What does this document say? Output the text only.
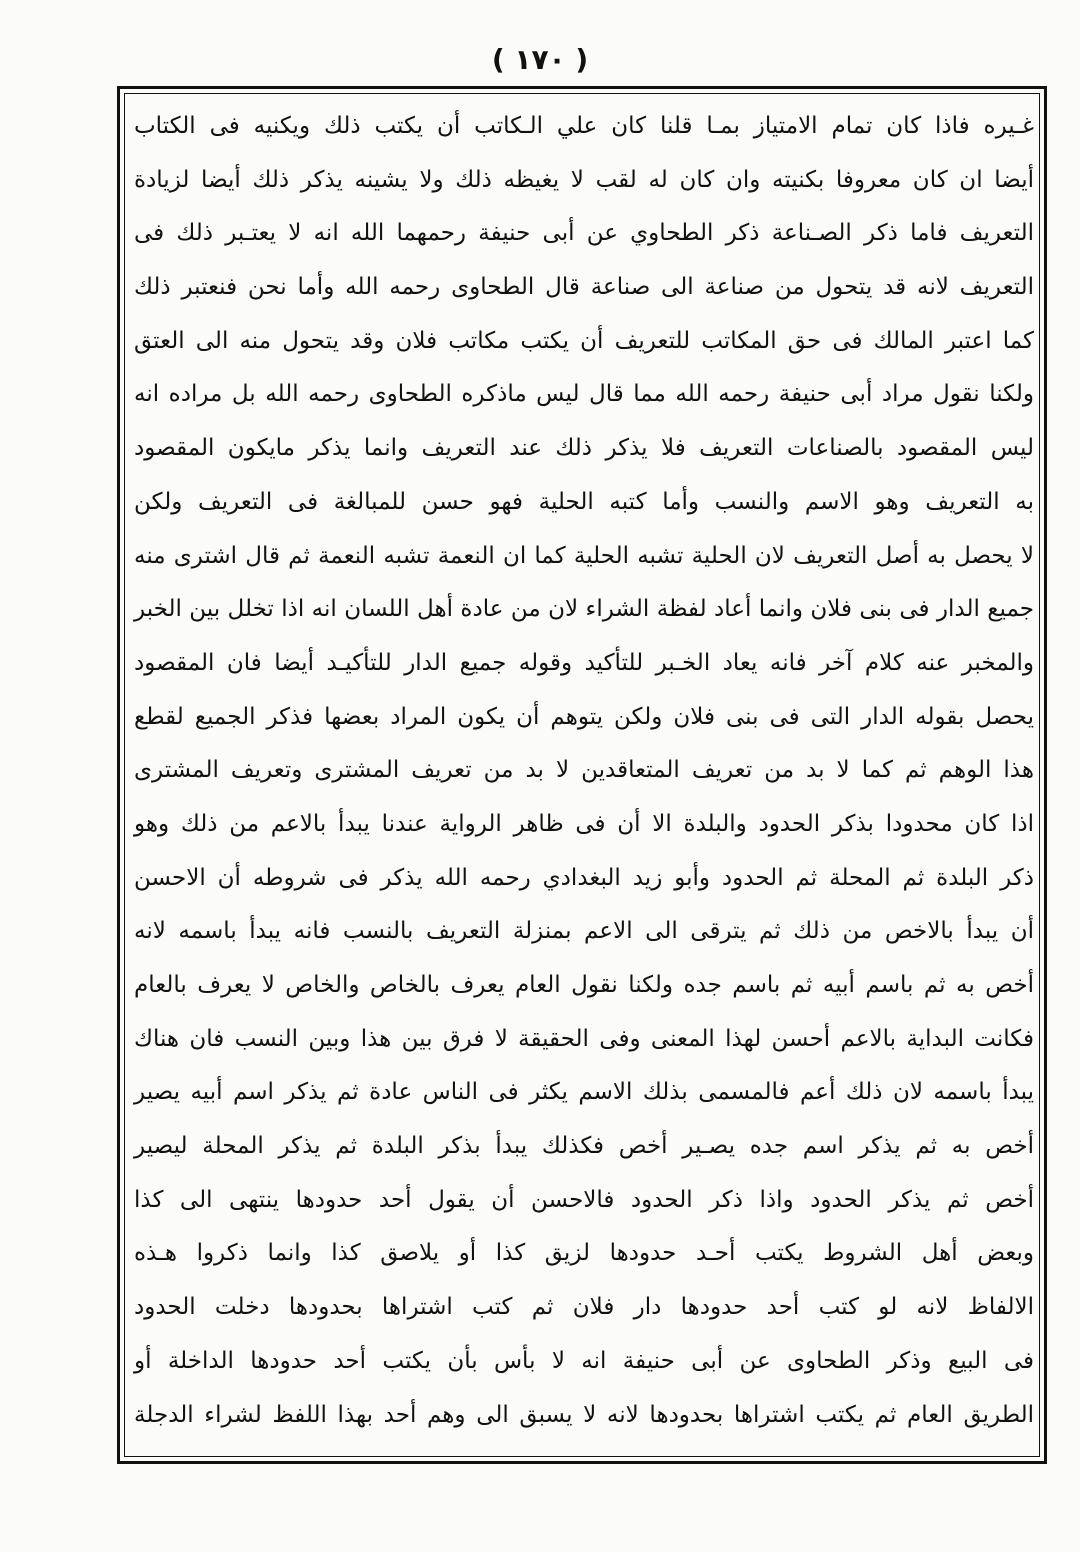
( ١٧٠ )
غـيره فاذا كان تمام الامتياز بمـا قلنا كان علي الـكاتب أن يكتب ذلك ويكنيه فى الكتاب
أيضا ان كان معروفا بكنيته وان كان له لقب لا يغيظه ذلك ولا يشينه يذكر ذلك أيضا لزيادة
التعريف فاما ذكر الصـناعة ذكر الطحاوي عن أبى حنيفة رحمهما الله انه لا يعتـبر ذلك فى
التعريف لانه قد يتحول من صناعة الى صناعة قال الطحاوى رحمه الله وأما نحن فنعتبر ذلك
كما اعتبر المالك فى حق المكاتب للتعريف أن يكتب مكاتب فلان وقد يتحول منه الى العتق
ولكنا نقول مراد أبى حنيفة رحمه الله مما قال ليس ماذكره الطحاوى رحمه الله بل مراده انه
ليس المقصود بالصناعات التعريف فلا يذكر ذلك عند التعريف وانما يذكر مايكون المقصود
به التعريف وهو الاسم والنسب وأما كتبه الحلية فهو حسن للمبالغة فى التعريف ولكن
لا يحصل به أصل التعريف لان الحلية تشبه الحلية كما ان النعمة تشبه النعمة ثم قال اشترى منه
جميع الدار فى بنى فلان وانما أعاد لفظة الشراء لان من عادة أهل اللسان انه اذا تخلل بين الخبر
والمخبر عنه كلام آخر فانه يعاد الخـبر للتأكيد وقوله جميع الدار للتأكيـد أيضا فان المقصود
يحصل بقوله الدار التى فى بنى فلان ولكن يتوهم أن يكون المراد بعضها فذكر الجميع لقطع
هذا الوهم ثم كما لا بد من تعريف المتعاقدين لا بد من تعريف المشترى وتعريف المشترى
اذا كان محدودا بذكر الحدود والبلدة الا أن فى ظاهر الرواية عندنا يبدأ بالاعم من ذلك وهو
ذكر البلدة ثم المحلة ثم الحدود وأبو زيد البغدادي رحمه الله يذكر فى شروطه أن الاحسن
أن يبدأ بالاخص من ذلك ثم يترقى الى الاعم بمنزلة التعريف بالنسب فانه يبدأ باسمه لانه
أخص به ثم باسم أبيه ثم باسم جده ولكنا نقول العام يعرف بالخاص والخاص لا يعرف بالعام
فكانت البداية بالاعم أحسن لهذا المعنى وفى الحقيقة لا فرق بين هذا وبين النسب فان هناك
يبدأ باسمه لان ذلك أعم فالمسمى بذلك الاسم يكثر فى الناس عادة ثم يذكر اسم أبيه يصير
أخص به ثم يذكر اسم جده يصـير أخص فكذلك يبدأ بذكر البلدة ثم يذكر المحلة ليصير
أخص ثم يذكر الحدود واذا ذكر الحدود فالاحسن أن يقول أحد حدودها ينتهى الى كذا
وبعض أهل الشروط يكتب أحـد حدودها لزيق كذا أو يلاصق كذا وانما ذكروا هـذه
الالفاظ لانه لو كتب أحد حدودها دار فلان ثم كتب اشتراها بحدودها دخلت الحدود
فى البيع وذكر الطحاوى عن أبى حنيفة انه لا بأس بأن يكتب أحد حدودها الداخلة أو
الطريق العام ثم يكتب اشتراها بحدودها لانه لا يسبق الى وهم أحد بهذا اللفظ لشراء الدجلة
